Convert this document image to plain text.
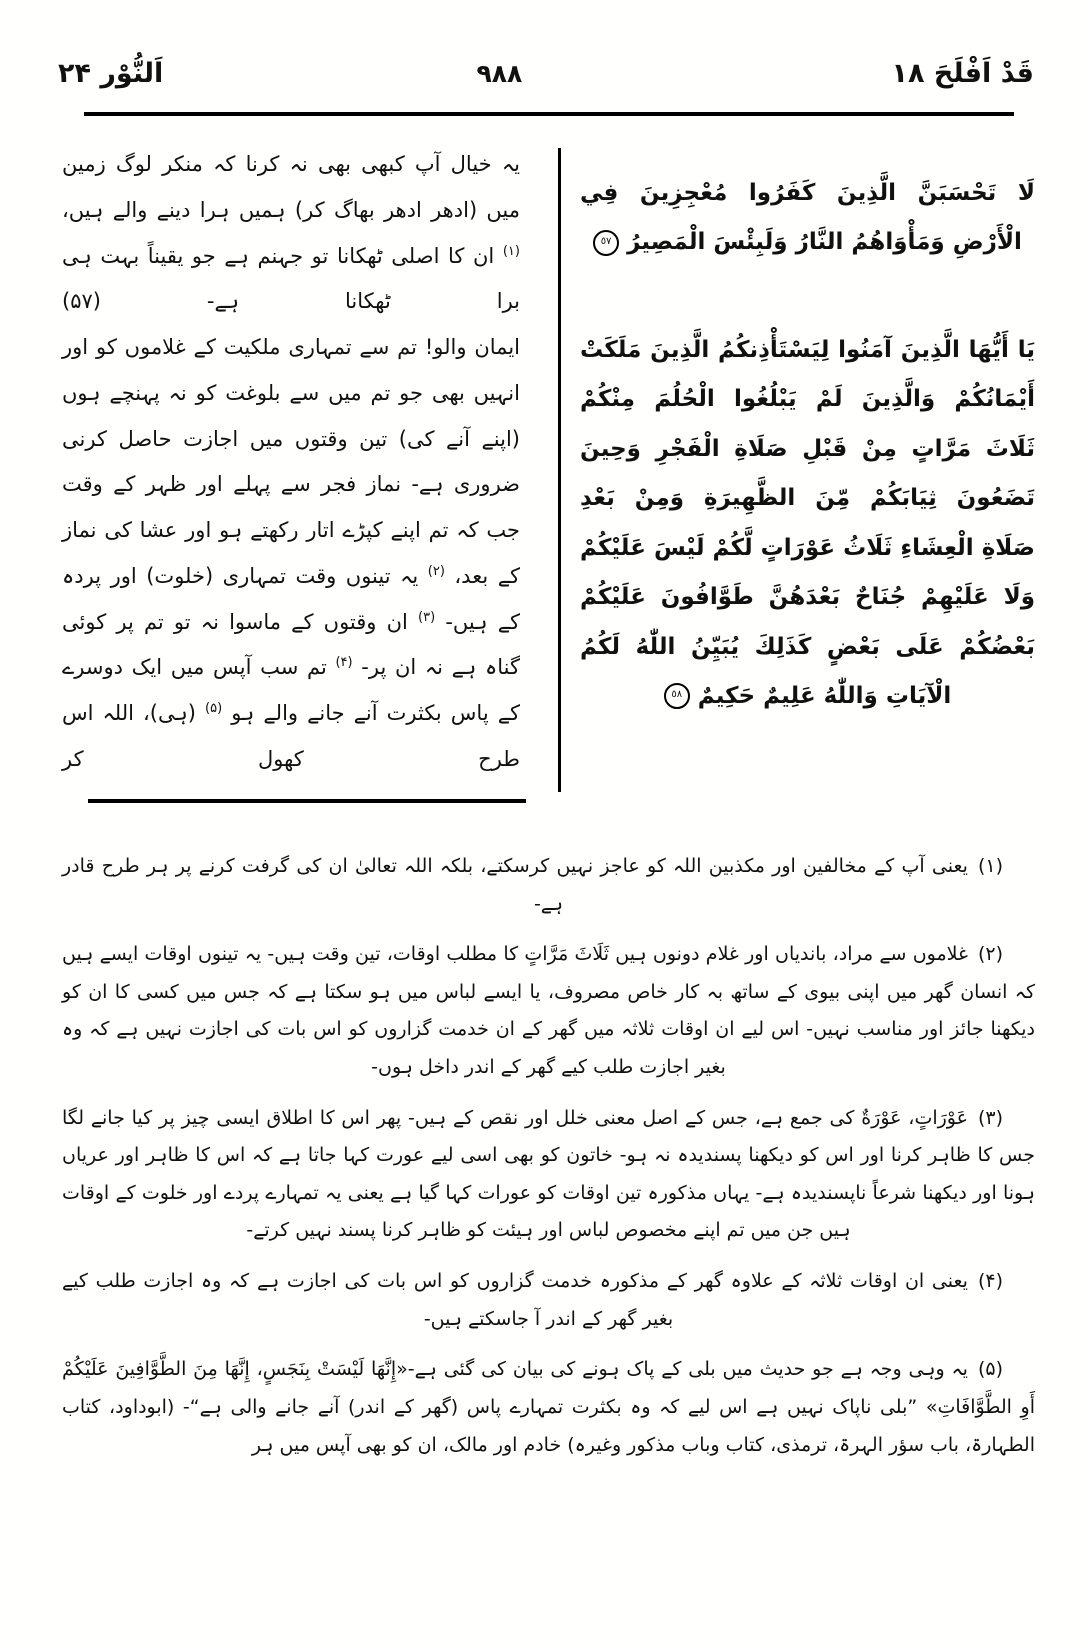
اَلنُّوْر ۲۴	٩٨٨	قَدْ اَفْلَحَ ۱۸

لَا تَحْسَبَنَّ الَّذِينَ كَفَرُوا مُعْجِزِينَ فِي الْأَرْضِ وَمَأْوَاهُمُ النَّارُ وَلَبِئْسَ الْمَصِيرُ٥٧

يَا أَيُّهَا الَّذِينَ آمَنُوا لِيَسْتَأْذِنكُمُ الَّذِينَ مَلَكَتْ أَيْمَانُكُمْ وَالَّذِينَ لَمْ يَبْلُغُوا الْحُلُمَ مِنْكُمْ ثَلَاثَ مَرَّاتٍ مِنْ قَبْلِ صَلَاةِ الْفَجْرِ وَحِينَ تَضَعُونَ ثِيَابَكُمْ مِّنَ الظَّهِيرَةِ وَمِنْ بَعْدِ صَلَاةِ الْعِشَاءِ ثَلَاثُ عَوْرَاتٍ لَّكُمْ لَيْسَ عَلَيْكُمْ وَلَا عَلَيْهِمْ جُنَاحٌ بَعْدَهُنَّ طَوَّافُونَ عَلَيْكُمْ بَعْضُكُمْ عَلَى بَعْضٍ كَذَلِكَ يُبَيِّنُ اللّٰهُ لَكُمُ الْآيَاتِ وَاللّٰهُ عَلِيمٌ حَكِيمٌ٥٨

یہ خیال آپ کبھی بھی نہ کرنا کہ منکر لوگ زمین میں (ادھر ادھر بھاگ کر) ہمیں ہرا دینے والے ہیں، $^{(۱)}$ ان کا اصلی ٹھکانا تو جہنم ہے جو یقیناً بہت ہی برا ٹھکانا ہے- (۵۷)

ایمان والو! تم سے تمہاری ملکیت کے غلاموں کو اور انہیں بھی جو تم میں سے بلوغت کو نہ پہنچے ہوں (اپنے آنے کی) تین وقتوں میں اجازت حاصل کرنی ضروری ہے- نماز فجر سے پہلے اور ظہر کے وقت جب کہ تم اپنے کپڑے اتار رکھتے ہو اور عشا کی نماز کے بعد، $^{(۲)}$ یہ تینوں وقت تمہاری (خلوت) اور پردہ کے ہیں- $^{(۳)}$ ان وقتوں کے ماسوا نہ تو تم پر کوئی گناہ ہے نہ ان پر- $^{(۴)}$ تم سب آپس میں ایک دوسرے کے پاس بکثرت آنے جانے والے ہو $^{(۵)}$ (ہی)، اللہ اس طرح کھول کر

(۱)یعنی آپ کے مخالفین اور مکذبین اللہ کو عاجز نہیں کرسکتے، بلکہ اللہ تعالیٰ ان کی گرفت کرنے پر ہر طرح قادر ہے-

(۲)غلاموں سے مراد، باندیاں اور غلام دونوں ہیں ثَلَاثَ مَرَّاتٍ کا مطلب اوقات، تین وقت ہیں- یہ تینوں اوقات ایسے ہیں کہ انسان گھر میں اپنی بیوی کے ساتھ بہ کار خاص مصروف، یا ایسے لباس میں ہو سکتا ہے کہ جس میں کسی کا ان کو دیکھنا جائز اور مناسب نہیں- اس لیے ان اوقات ثلاثہ میں گھر کے ان خدمت گزاروں کو اس بات کی اجازت نہیں ہے کہ وہ بغیر اجازت طلب کیے گھر کے اندر داخل ہوں-

(۳)عَوْرَاتٍ، عَوْرَةٌ کی جمع ہے، جس کے اصل معنی خلل اور نقص کے ہیں- پھر اس کا اطلاق ایسی چیز پر کیا جانے لگا جس کا ظاہر کرنا اور اس کو دیکھنا پسندیدہ نہ ہو- خاتون کو بھی اسی لیے عورت کہا جاتا ہے کہ اس کا ظاہر اور عریاں ہونا اور دیکھنا شرعاً ناپسندیدہ ہے- یہاں مذکورہ تین اوقات کو عورات کہا گیا ہے یعنی یہ تمہارے پردے اور خلوت کے اوقات ہیں جن میں تم اپنے مخصوص لباس اور ہیئت کو ظاہر کرنا پسند نہیں کرتے-

(۴)یعنی ان اوقات ثلاثہ کے علاوہ گھر کے مذکورہ خدمت گزاروں کو اس بات کی اجازت ہے کہ وہ اجازت طلب کیے بغیر گھر کے اندر آ جاسکتے ہیں-

(۵)یہ وہی وجہ ہے جو حدیث میں بلی کے پاک ہونے کی بیان کی گئی ہے-«إِنَّهَا لَيْسَتْ بِنَجَسٍ، إِنَّهَا مِنَ الطَّوَّافِينَ عَلَيْكُمْ أَوِ الطَّوَّافَاتِ» ”بلی ناپاک نہیں ہے اس لیے کہ وہ بکثرت تمہارے پاس (گھر کے اندر) آنے جانے والی ہے“- (ابوداود، کتاب الطہارۃ، باب سؤر الہرۃ، ترمذی، کتاب وباب مذکور وغیرہ) خادم اور مالک، ان کو بھی آپس میں ہر
